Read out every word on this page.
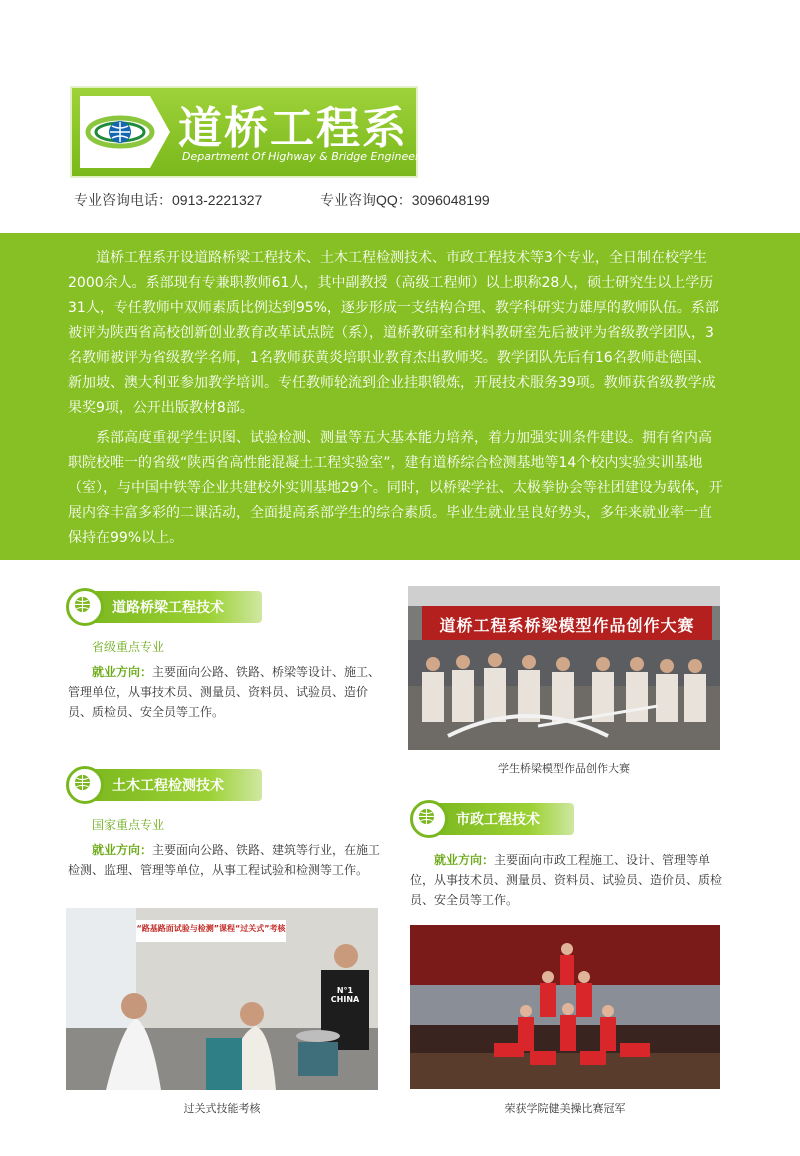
道桥工程系
Department Of Highway & Bridge Engineering
专业咨询电话：0913-2221327	专业咨询QQ：3096048199
道桥工程系开设道路桥梁工程技术、土木工程检测技术、市政工程技术等3个专业，全日制在校学生2000余人。系部现有专兼职教师61人，其中副教授（高级工程师）以上职称28人，硕士研究生以上学历31人，专任教师中双师素质比例达到95%，逐步形成一支结构合理、教学科研实力雄厚的教师队伍。系部被评为陕西省高校创新创业教育改革试点院（系），道桥教研室和材料教研室先后被评为省级教学团队，3名教师被评为省级教学名师，1名教师获黄炎培职业教育杰出教师奖。教学团队先后有16名教师赴德国、新加坡、澳大利亚参加教学培训。专任教师轮流到企业挂职锻炼，开展技术服务39项。教师获省级教学成果奖9项，公开出版教材8部。
系部高度重视学生识图、试验检测、测量等五大基本能力培养，着力加强实训条件建设。拥有省内高职院校唯一的省级“陕西省高性能混凝土工程实验室”，建有道桥综合检测基地等14个校内实验实训基地（室），与中国中铁等企业共建校外实训基地29个。同时，以桥梁学社、太极拳协会等社团建设为载体，开展内容丰富多彩的二课活动，全面提高系部学生的综合素质。毕业生就业呈良好势头，多年来就业率一直保持在99%以上。
道路桥梁工程技术
省级重点专业
就业方向：主要面向公路、铁路、桥梁等设计、施工、管理单位，从事技术员、测量员、资料员、试验员、造价员、质检员、安全员等工作。
土木工程检测技术
国家重点专业
就业方向：主要面向公路、铁路、建筑等行业，在施工检测、监理、管理等单位，从事工程试验和检测等工作。
市政工程技术
就业方向：主要面向市政工程施工、设计、管理等单位，从事技术员、测量员、资料员、试验员、造价员、质检员、安全员等工作。
道桥工程系桥梁模型作品创作大赛
学生桥梁模型作品创作大赛
“路基路面试验与检测”课程“过关式”考核
N°1 CHINA
过关式技能考核	荣获学院健美操比赛冠军
